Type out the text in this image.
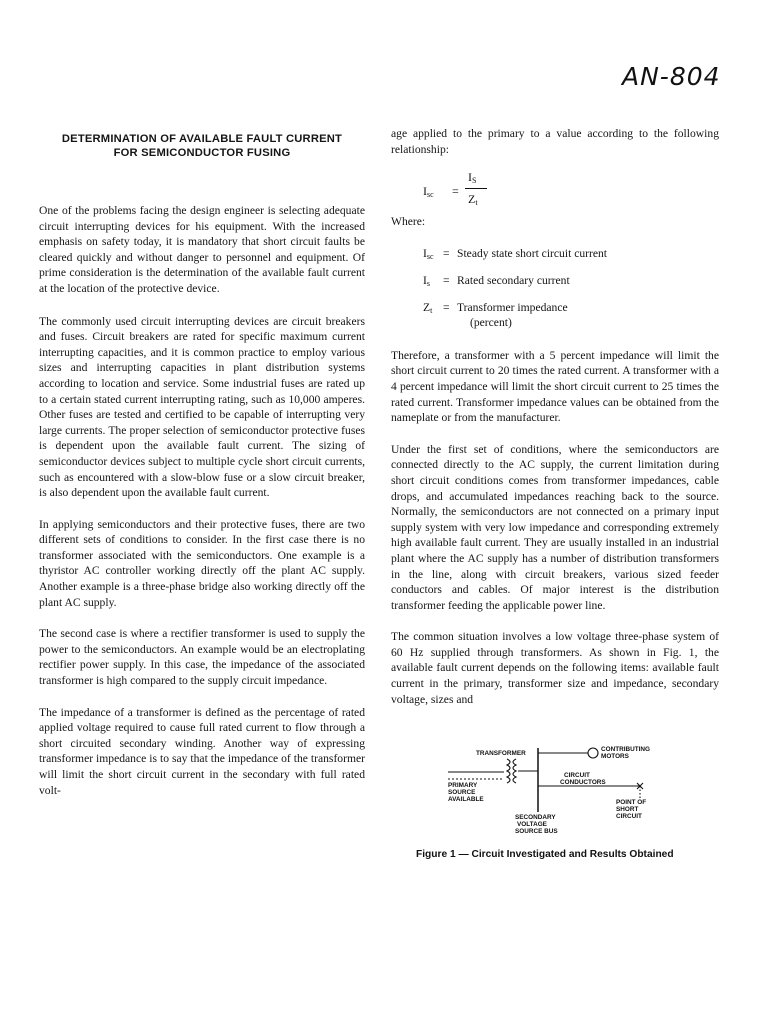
AN-804
DETERMINATION OF AVAILABLE FAULT CURRENT
FOR SEMICONDUCTOR FUSING

One of the problems facing the design engineer is selecting adequate circuit interrupting devices for his equipment. With the increased emphasis on safety today, it is mandatory that short circuit faults be cleared quickly and without danger to personnel and equipment. Of prime consideration is the determination of the available fault current at the location of the protective device.

The commonly used circuit interrupting devices are circuit breakers and fuses. Circuit breakers are rated for specific maximum current interrupting capacities, and it is common practice to employ various sizes and interrupting capacities in plant distribution systems according to location and service. Some industrial fuses are rated up to a certain stated current interrupting rating, such as 10,000 amperes. Other fuses are tested and certified to be capable of interrupting very large currents. The proper selection of semiconductor protective fuses is dependent upon the available fault current. The sizing of semiconductor devices subject to multiple cycle short circuit currents, such as encountered with a slow-blow fuse or a slow circuit breaker, is also dependent upon the available fault current.

In applying semiconductors and their protective fuses, there are two different sets of conditions to consider. In the first case there is no transformer associated with the semiconductors. One example is a thyristor AC controller working directly off the plant AC supply. Another example is a three-phase bridge also working directly off the plant AC supply.

The second case is where a rectifier transformer is used to supply the power to the semiconductors. An example would be an electroplating rectifier power supply. In this case, the impedance of the associated transformer is high compared to the supply circuit impedance.

The impedance of a transformer is defined as the percentage of rated applied voltage required to cause full rated current to flow through a short circuited secondary winding. Another way of expressing transformer impedance is to say that the impedance of the transformer will limit the short circuit current in the secondary with full rated volt-

age applied to the primary to a value according to the following relationship:

$I_{sc}$ =
$I_S$
$Z_t$

Where:

$I_{sc}$ = Steady state short circuit current
$I_s$	= Rated secondary current
$Z_t$ = Transformer impedance
(percent)

Therefore, a transformer with a 5 percent impedance will limit the short circuit current to 20 times the rated current. A transformer with a 4 percent impedance will limit the short circuit current to 25 times the rated current. Transformer impedance values can be obtained from the nameplate or from the manufacturer.

Under the first set of conditions, where the semiconductors are connected directly to the AC supply, the current limitation during short circuit conditions comes from transformer impedances, cable drops, and accumulated impedances reaching back to the source. Normally, the semiconductors are not connected on a primary input supply system with very low impedance and corresponding extremely high available fault current. They are usually installed in an industrial plant where the AC supply has a number of distribution transformers in the line, along with circuit breakers, various sized feeder conductors and cables. Of major interest is the distribution transformer feeding the applicable power line.

The common situation involves a low voltage three-phase system of 60 Hz supplied through transformers. As shown in Fig. 1, the available fault current depends on the following items: available fault current in the primary, transformer size and impedance, secondary voltage, sizes and

TRANSFORMER
CONTRIBUTING
MOTORS
CIRCUIT
CONDUCTORS
PRIMARY
SOURCE
AVAILABLE
SECONDARY
VOLTAGE
SOURCE BUS
POINT OF
SHORT
CIRCUIT
Figure 1 — Circuit Investigated and Results Obtained
